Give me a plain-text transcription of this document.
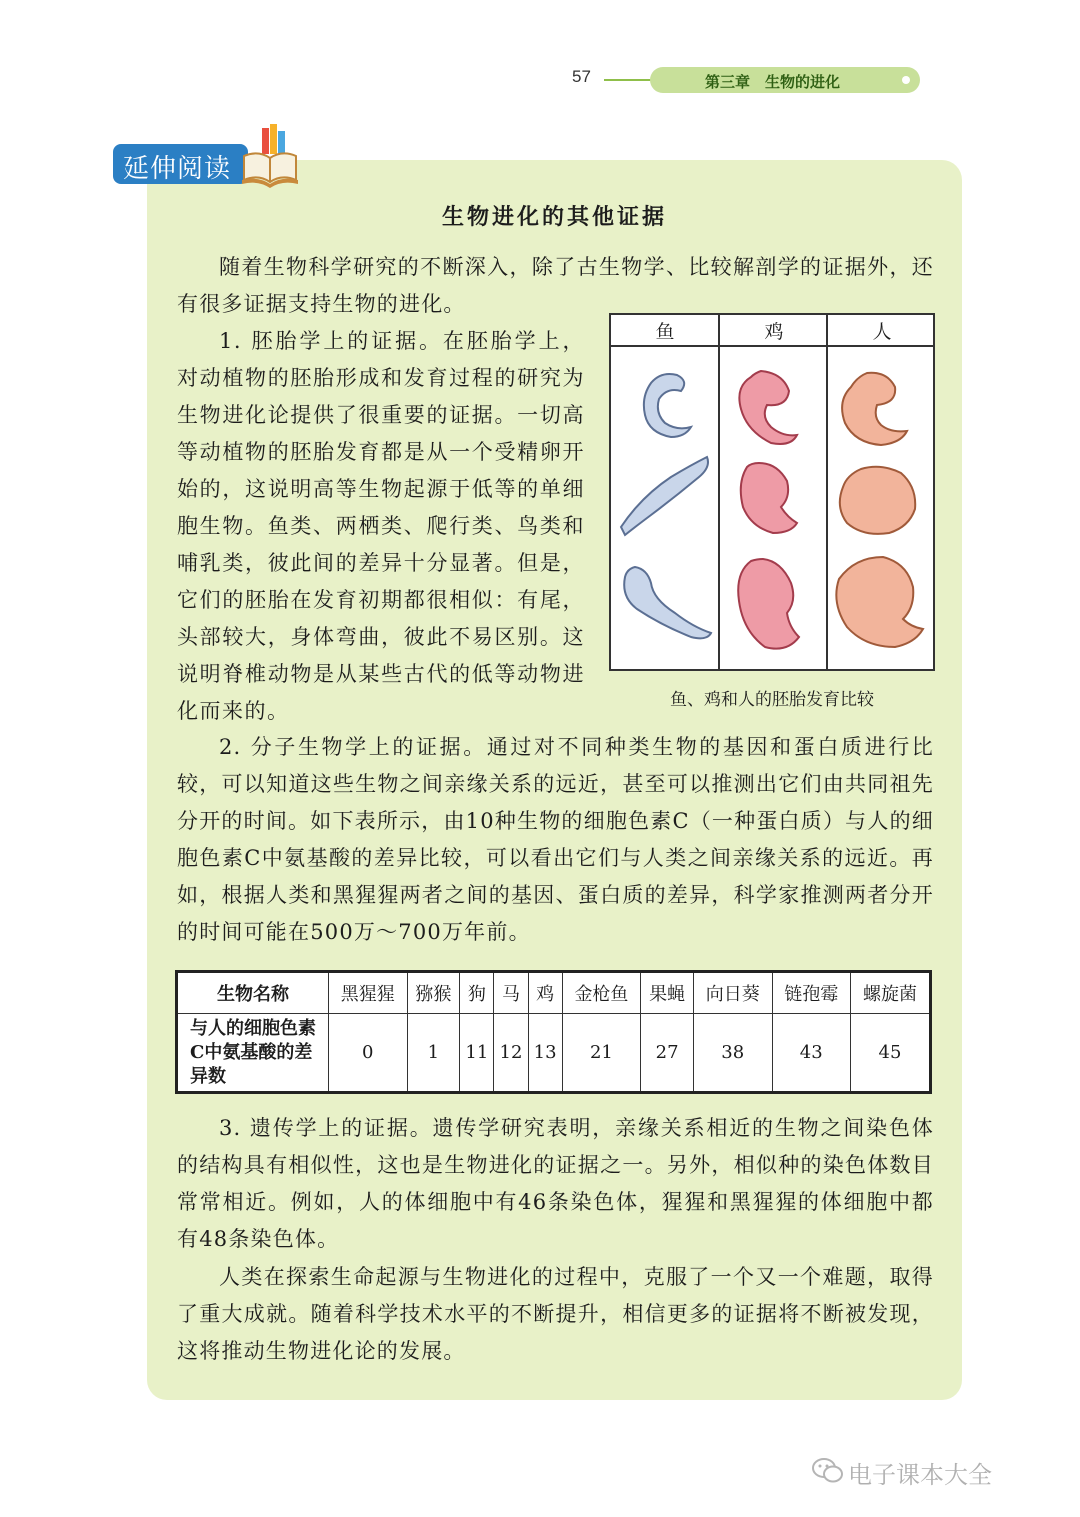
57	第三章　生物的进化
延伸阅读
生物进化的其他证据

随着生物科学研究的不断深入，除了古生物学、比较解剖学的证据外，还有很多证据支持生物的进化。

1. 胚胎学上的证据。在胚胎学上，对动植物的胚胎形成和发育过程的研究为生物进化论提供了很重要的证据。一切高等动植物的胚胎发育都是从一个受精卵开始的，这说明高等生物起源于低等的单细胞生物。鱼类、两栖类、爬行类、鸟类和哺乳类，彼此间的差异十分显著。但是，它们的胚胎在发育初期都很相似：有尾，头部较大，身体弯曲，彼此不易区别。这说明脊椎动物是从某些古代的低等动物进化而来的。

鱼	鸡	人
鱼、鸡和人的胚胎发育比较

2. 分子生物学上的证据。通过对不同种类生物的基因和蛋白质进行比较，可以知道这些生物之间亲缘关系的远近，甚至可以推测出它们由共同祖先分开的时间。如下表所示，由10种生物的细胞色素C（一种蛋白质）与人的细胞色素C中氨基酸的差异比较，可以看出它们与人类之间亲缘关系的远近。再如，根据人类和黑猩猩两者之间的基因、蛋白质的差异，科学家推测两者分开的时间可能在500万～700万年前。

生物名称	黑猩猩	猕猴	狗	马	鸡	金枪鱼	果蝇	向日葵	链孢霉	螺旋菌
与人的细胞色素C中氨基酸的差异数	0	1	11	12	13	21	27	38	43	45

3. 遗传学上的证据。遗传学研究表明，亲缘关系相近的生物之间染色体的结构具有相似性，这也是生物进化的证据之一。另外，相似种的染色体数目常常相近。例如，人的体细胞中有46条染色体，猩猩和黑猩猩的体细胞中都有48条染色体。

人类在探索生命起源与生物进化的过程中，克服了一个又一个难题，取得了重大成就。随着科学技术水平的不断提升，相信更多的证据将不断被发现，这将推动生物进化论的发展。

电子课本大全
